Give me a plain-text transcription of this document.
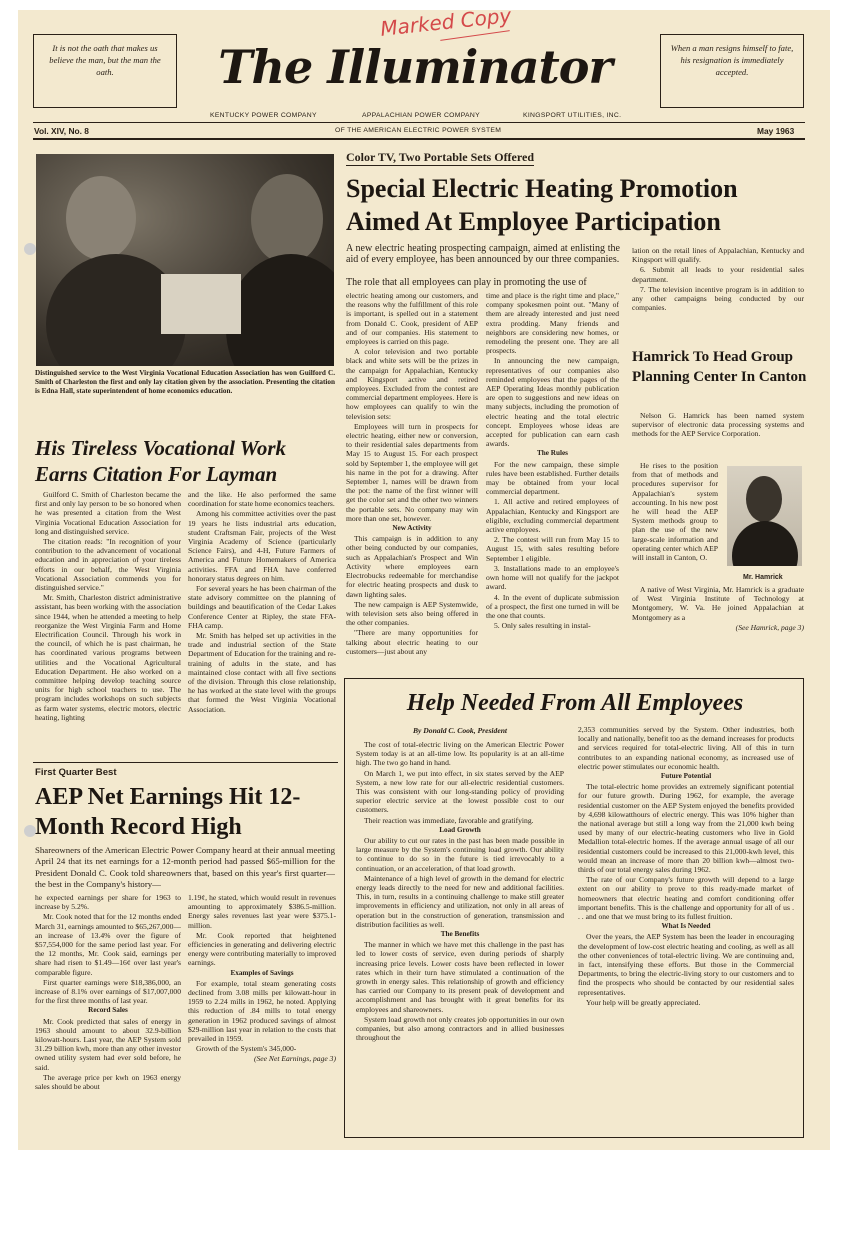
It is not the oath that makes us believe the man, but the man the oath.
When a man resigns himself to fate, his resignation is immediately accepted.
The Illuminator
Marked Copy
KENTUCKY POWER COMPANY	APPALACHIAN POWER COMPANY	KINGSPORT UTILITIES, INC.
Vol. XIV, No. 8	OF THE AMERICAN ELECTRIC POWER SYSTEM	May 1963
Distinguished service to the West Virginia Vocational Education Association has won Guilford C. Smith of Charleston the first and only lay citation given by the association. Presenting the citation is Edna Hall, state superintendent of home economics education.
His Tireless Vocational Work Earns Citation For Layman

Guilford C. Smith of Charleston became the first and only lay person to be so honored when he was presented a citation from the West Virginia Vocational Education Association for long and distinguished service.

The citation reads: "In recognition of your contribution to the advancement of vocational education and in appreciation of your tireless efforts in our behalf, the West Virginia Vocational Association commends you for distinguished service."

Mr. Smith, Charleston district administrative assistant, has been working with the association since 1944, when he attended a meeting to help reorganize the West Virginia Farm and Home Electrification Council. Through his work in the council, of which he is past chairman, he has coordinated various programs between utilities and the Vocational Agricultural Education Department. He also worked on a committee helping develop teaching source units for high school teachers to use. The program includes workshops on such subjects as farm water systems, electric motors, electric heating, lighting

and the like. He also performed the same coordination for state home economics teachers.

Among his committee activities over the past 19 years he lists industrial arts education, student Craftsman Fair, projects of the West Virginia Academy of Science (particularly Science Fairs), and 4-H, Future Farmers of America and Future Homemakers of America activities. FFA and FHA have conferred honorary status degrees on him.

For several years he has been chairman of the state advisory committee on the planning of buildings and beautification of the Cedar Lakes Conference Center at Ripley, the state FFA-FHA camp.

Mr. Smith has helped set up activities in the trade and industrial section of the State Department of Education for the training and re-training of adults in the state, and has maintained close contact with all five sections of the division. Through this close relationship, he has worked at the state level with the groups that formed the West Virginia Vocational Association.

First Quarter Best
AEP Net Earnings Hit 12-Month Record High
Shareowners of the American Electric Power Company heard at their annual meeting April 24 that its net earnings for a 12-month period had passed $65-million for the
President Donald C. Cook told shareowners that, based on this year's first quarter—the best in the Company's history—

he expected earnings per share for 1963 to increase by 5.2%.

Mr. Cook noted that for the 12 months ended March 31, earnings amounted to $65,267,000—an increase of 13.4% over the figure of $57,554,000 for the same period last year. For the 12 months, Mr. Cook said, earnings per share had risen to $1.49—16¢ over last year's comparable figure.

First quarter earnings were $18,386,000, an increase of 8.1% over earnings of $17,007,000 for the first three months of last year.

Record Sales

Mr. Cook predicted that sales of energy in 1963 should amount to about 32.9-billion kilowatt-hours. Last year, the AEP System sold 31.29 billion kwh, more than any other investor owned utility system had ever sold before, he said.

The average price per kwh on 1963 energy sales should be about

1.19¢, he stated, which would result in revenues amounting to approximately $386.5-million. Energy sales revenues last year were $375.1-million.

Mr. Cook reported that heightened efficiencies in generating and delivering electric energy were contributing materially to improved earnings.

Examples of Savings

For example, total steam generating costs declined from 3.08 mills per kilowatt-hour in 1959 to 2.24 mills in 1962, he noted. Applying this reduction of .84 mills to total energy generation in 1962 produced savings of almost $29-million last year in relation to the costs that prevailed in 1959.

Growth of the System's 345,000-

(See Net Earnings, page 3)

Color TV, Two Portable Sets Offered
Special Electric Heating Promotion Aimed At Employee Participation
A new electric heating prospecting campaign, aimed at enlisting the aid of every employee, has been announced by our three companies.
The role that all employees can play in promoting the use of

electric heating among our customers, and the reasons why the fulfillment of this role is important, is spelled out in a statement from Donald C. Cook, president of AEP and of our companies. His statement to employees is carried on this page.

A color television and two portable black and white sets will be the prizes in the campaign for Appalachian, Kentucky and Kingsport active and retired employees. Excluded from the contest are commercial department employees. Here is how employees can qualify to win the television sets:

Employees will turn in prospects for electric heating, either new or conversion, to their residential sales departments from May 15 to August 15. For each prospect sold by September 1, the employee will get his name in the pot for a drawing. After September 1, names will be drawn from the pot: the name of the first winner will get the color set and the other two winners the portable sets. No company may win more than one set, however.

New Activity

This campaign is in addition to any other being conducted by our companies, such as Appalachian's Prospect and Win Activity where employees earn Electrobucks redeemable for merchandise for electric heating prospects and dusk to dawn lighting sales.

The new campaign is AEP Systemwide, with television sets also being offered in the other companies.

"There are many opportunities for talking about electric heating to our customers—just about any

time and place is the right time and place," company spokesmen point out. "Many of them are already interested and just need extra prodding. Many friends and neighbors are considering new homes, or remodeling the present one. They are all prospects.

In announcing the new campaign, representatives of our companies also reminded employees that the pages of the AEP Operating Ideas monthly publication are open to suggestions and new ideas on many subjects, including the promotion of electric heating and the total electric concept. Employees whose ideas are accepted for publication can earn cash awards.

The Rules

For the new campaign, these simple rules have been established. Further details may be obtained from your local commercial department.

1. All active and retired employees of Appalachian, Kentucky and Kingsport are eligible, excluding commercial department active employees.

2. The contest will run from May 15 to August 15, with sales resulting before September 1 eligible.

3. Installations made to an employee's own home will not qualify for the jackpot award.

4. In the event of duplicate submission of a prospect, the first one turned in will be the one that counts.

5. Only sales resulting in instal-

lation on the retail lines of Appalachian, Kentucky and Kingsport will qualify.

6. Submit all leads to your residential sales department.

7. The television incentive program is in addition to any other campaigns being conducted by our companies.

Hamrick To Head Group Planning Center In Canton

Nelson G. Hamrick has been named system supervisor of electronic data processing systems and methods for the AEP Service Corporation.

He rises to the position from that of methods and procedures supervisor for Appalachian's system accounting. In his new post he will head the AEP System methods group to plan the use of the new large-scale information and operating center which AEP will install in Canton, O.

Mr. Hamrick

A native of West Virginia, Mr. Hamrick is a graduate of West Virginia Institute of Technology at Montgomery, W. Va. He joined Appalachian at Montgomery as a

(See Hamrick, page 3)

Help Needed From All Employees
By Donald C. Cook, President

The cost of total-electric living on the American Electric Power System today is at an all-time low. Its popularity is at an all-time high. The two go hand in hand.

On March 1, we put into effect, in six states served by the AEP System, a new low rate for our all-electric residential customers. This was consistent with our long-standing policy of providing superior electric service at the lowest possible cost to our customers.

Their reaction was immediate, favorable and gratifying.

Load Growth

Our ability to cut our rates in the past has been made possible in large measure by the System's continuing load growth. Our ability to continue to do so in the future is tied irrevocably to a continuation, or an acceleration, of that load growth.

Maintenance of a high level of growth in the demand for electric energy leads directly to the need for new and additional facilities. This, in turn, results in a continuing challenge to make still greater improvements in efficiency and utilization, not only in all areas of operation but in the construction of generation, transmission and distribution facilities as well.

The Benefits

The manner in which we have met this challenge in the past has led to lower costs of service, even during periods of sharply increasing price levels. Lower costs have been reflected in lower rates which in their turn have stimulated a continuation of the growth in energy sales. This relationship of growth and efficiency has carried our Company to its present peak of development and accomplishment and has brought with it great benefits for its employees and shareowners.

System load growth not only creates job opportunities in our own companies, but also among contractors and in allied businesses throughout the

2,353 communities served by the System. Other industries, both locally and nationally, benefit too as the demand increases for products and services required for total-electric living. All of this in turn contributes to an expanding national economy, as increased use of electric power stimulates our economic health.

Future Potential

The total-electric home provides an extremely significant potential for our future growth. During 1962, for example, the average residential customer on the AEP System enjoyed the benefits provided by 4,698 kilowatthours of electric energy. This was 10% higher than the national average but still a long way from the 21,000 kwh being used by many of our electric-heating customers who live in Gold Medallion total-electric homes. If the average annual usage of all our residential customers could be increased to this 21,000-kwh level, this would mean an increase of more than 20 billion kwh—almost two-thirds of our total energy sales during 1962.

The rate of our Company's future growth will depend to a large extent on our ability to prove to this ready-made market of homeowners that electric heating and comfort conditioning offer important benefits. This is the challenge and opportunity for all of us . . . and one that we must bring to its fullest fruition.

What Is Needed

Over the years, the AEP System has been the leader in encouraging the development of low-cost electric heating and cooling, as well as all the other conveniences of total-electric living. We are continuing and, in fact, intensifying these efforts. But those in the Commercial Departments, to bring the electric-living story to our customers and to find the prospects who should be contacted by our residential sales representatives.

Your help will be greatly appreciated.
